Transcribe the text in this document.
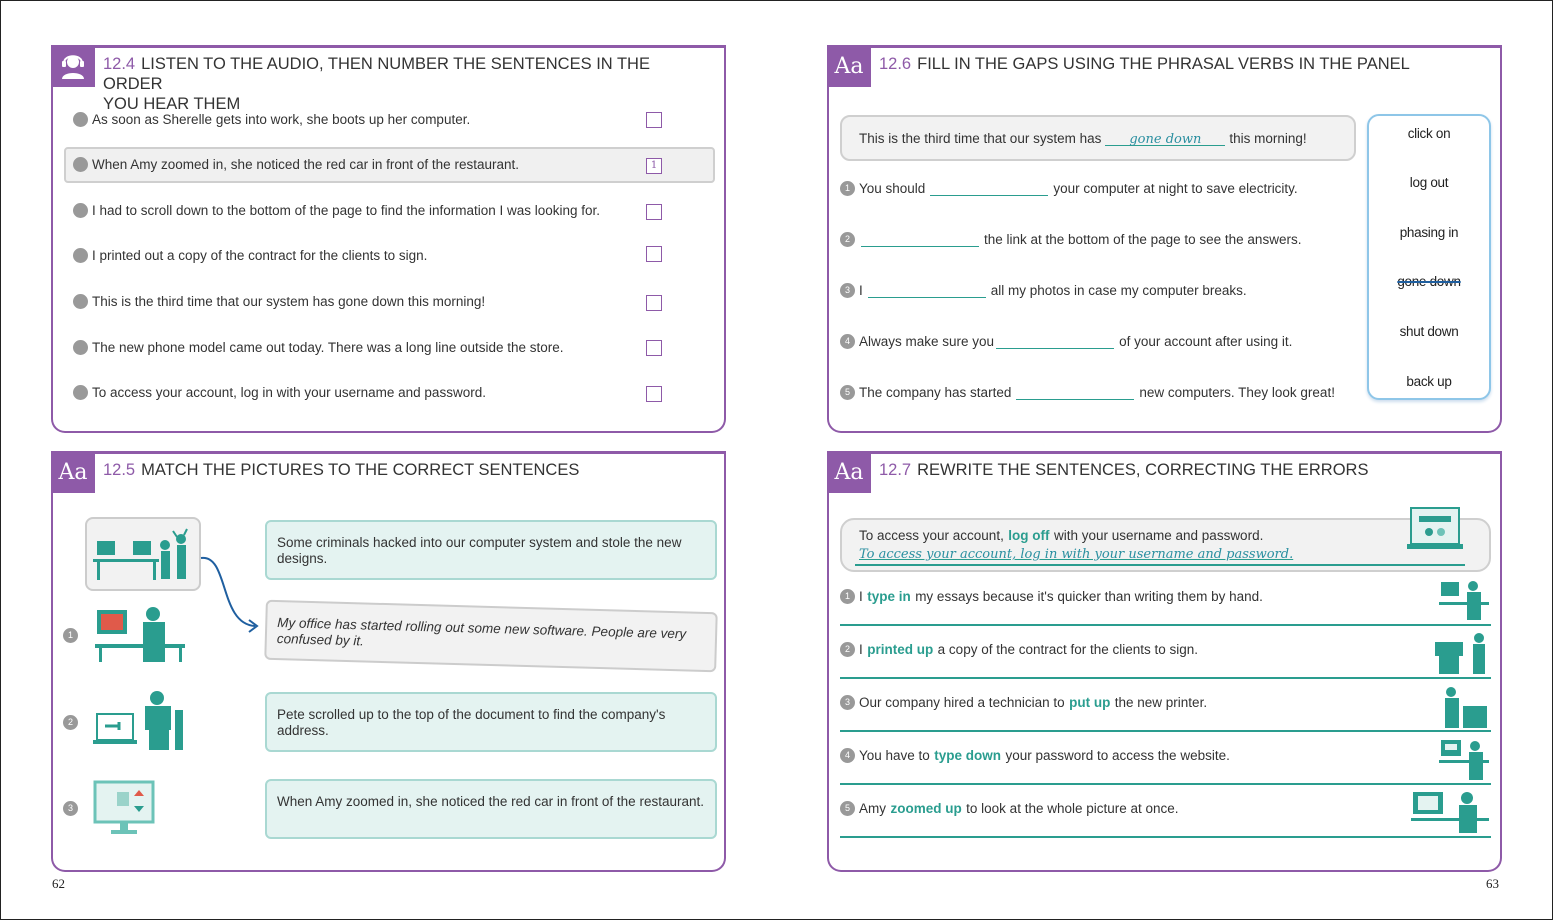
12.4 LISTEN TO THE AUDIO, THEN NUMBER THE SENTENCES IN THE ORDER
YOU HEAR THEM
As soon as Sherelle gets into work, she boots up her computer.
When Amy zoomed in, she noticed the red car in front of the restaurant.	1
I had to scroll down to the bottom of the page to find the information I was looking for.
I printed out a copy of the contract for the clients to sign.
This is the third time that our system has gone down this morning!
The new phone model came out today. There was a long line outside the store.
To access your account, log in with your username and password.
Aa 12.6 FILL IN THE GAPS USING THE PHRASAL VERBS IN THE PANEL
This is the third time that our system has	gone down	this morning!
1 You should	your computer at night to save electricity.
2	the link at the bottom of the page to see the answers.
3 I	all my photos in case my computer breaks.
4 Always make sure you	of your account after using it.
5 The company has started	new computers. They look great!
click on
log out
phasing in
gone down
shut down
back up
Aa 12.5 MATCH THE PICTURES TO THE CORRECT SENTENCES
1
2
3
Some criminals hacked into our computer system and stole the new designs.
My office has started rolling out some new software. People are very confused by it.
Pete scrolled up to the top of the document to find the company's address.
When Amy zoomed in, she noticed the red car in front of the restaurant.
Aa 12.7 REWRITE THE SENTENCES, CORRECTING THE ERRORS
To access your account,
log off
with your username and password.
To access your account, log in with your username and password.
1 I
type in
my essays because it's quicker than writing them by hand.
2 I
printed up
a copy of the contract for the clients to sign.
3 Our company hired a technician to
put up
the new printer.
4 You have to
type down
your password to access the website.
5 Amy
zoomed up
to look at the whole picture at once.
62	63
